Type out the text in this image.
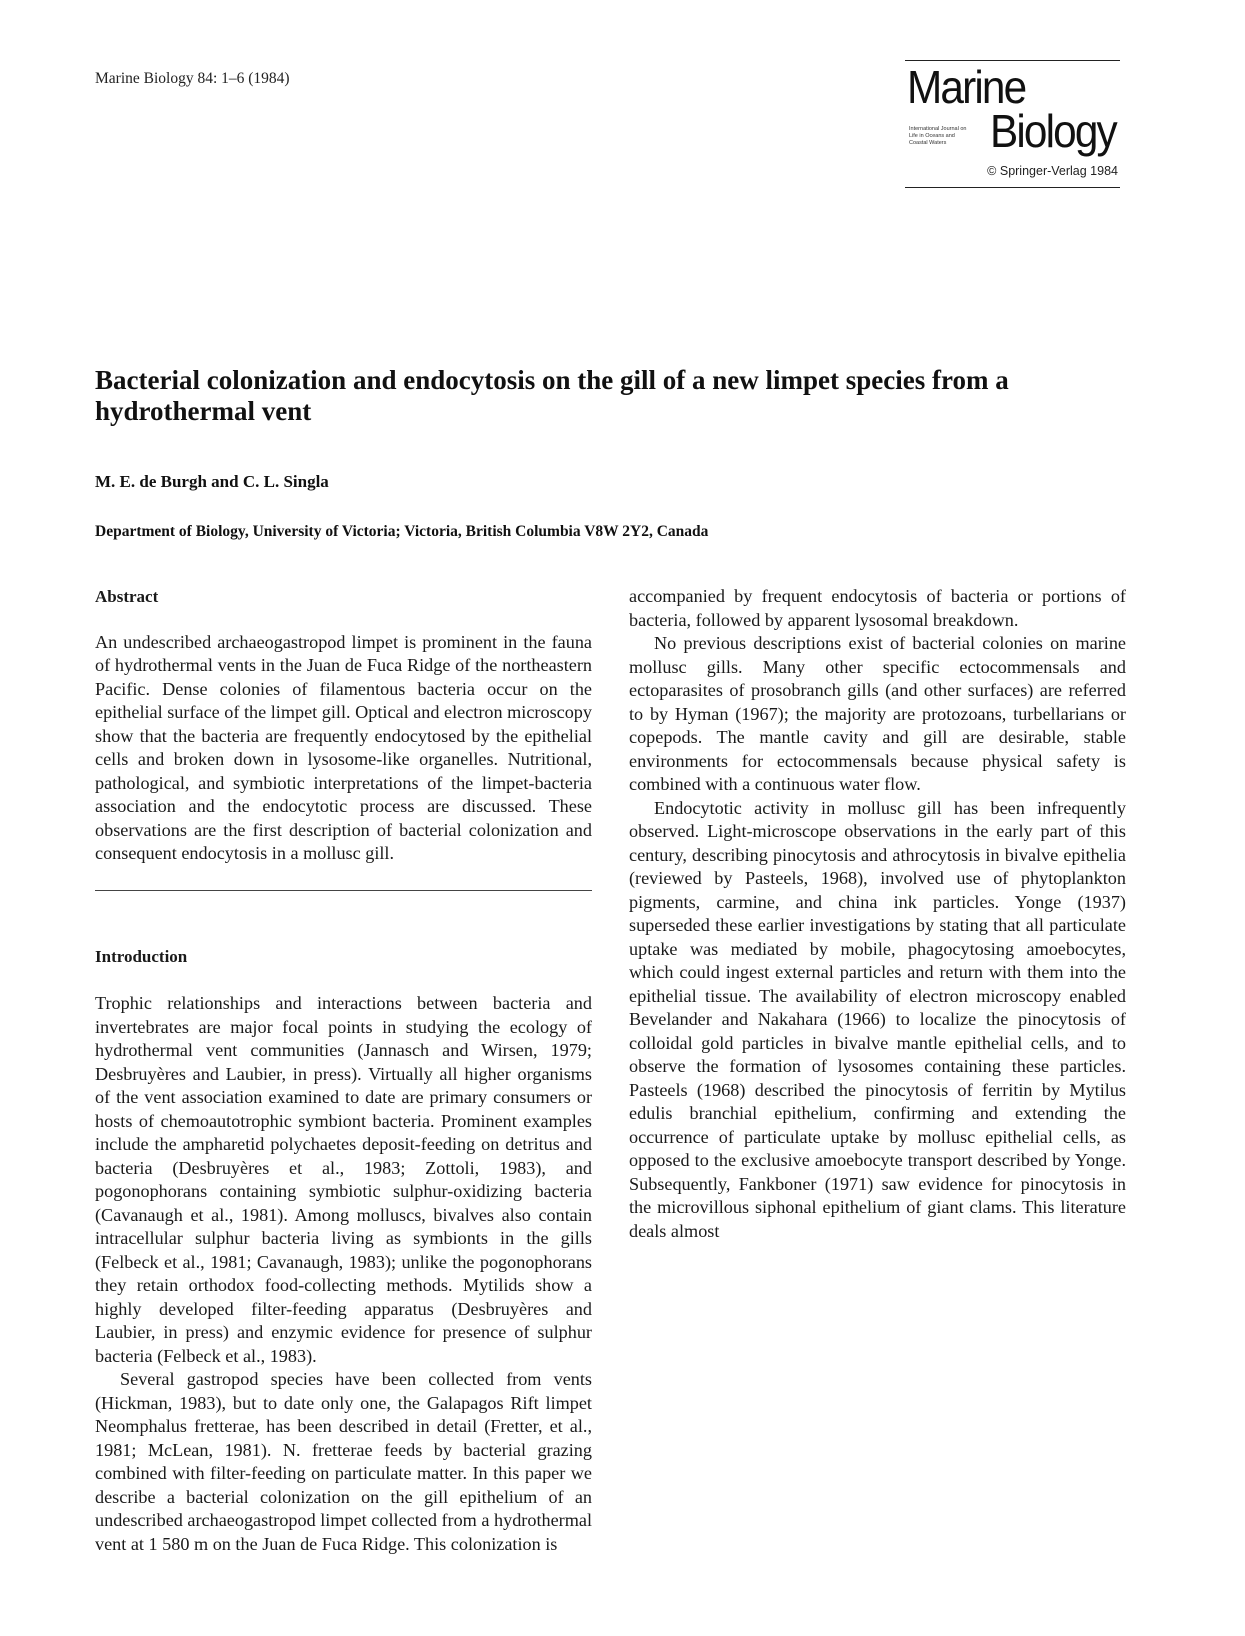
Marine Biology 84: 1–6 (1984)	Marine
International Journal on Life in Oceans and Coastal Waters Biology
© Springer-Verlag 1984
Bacterial colonization and endocytosis on the gill of a new limpet species from a hydrothermal vent
M. E. de Burgh and C. L. Singla
Department of Biology, University of Victoria; Victoria, British Columbia V8W 2Y2, Canada
Abstract

An undescribed archaeogastropod limpet is prominent in the fauna of hydrothermal vents in the Juan de Fuca Ridge of the northeastern Pacific. Dense colonies of filamentous bacteria occur on the epithelial surface of the limpet gill. Optical and electron microscopy show that the bacteria are frequently endocytosed by the epithelial cells and broken down in lysosome-like organelles. Nutritional, pathological, and symbiotic interpretations of the limpet-bacteria association and the endocytotic process are discussed. These observations are the first description of bacterial colonization and consequent endocytosis in a mollusc gill.

Introduction

Trophic relationships and interactions between bacteria and invertebrates are major focal points in studying the ecology of hydrothermal vent communities (Jannasch and Wirsen, 1979; Desbruyères and Laubier, in press). Virtually all higher organisms of the vent association examined to date are primary consumers or hosts of chemoautotrophic symbiont bacteria. Prominent examples include the ampharetid polychaetes deposit-feeding on detritus and bacteria (Desbruyères et al., 1983; Zottoli, 1983), and pogonophorans containing symbiotic sulphur-oxidizing bacteria (Cavanaugh et al., 1981). Among molluscs, bivalves also contain intracellular sulphur bacteria living as symbionts in the gills (Felbeck et al., 1981; Cavanaugh, 1983); unlike the pogonophorans they retain orthodox food-collecting methods. Mytilids show a highly developed filter-feeding apparatus (Desbruyères and Laubier, in press) and enzymic evidence for presence of sulphur bacteria (Felbeck et al., 1983).

Several gastropod species have been collected from vents (Hickman, 1983), but to date only one, the Galapagos Rift limpet Neomphalus fretterae, has been described in detail (Fretter, et al., 1981; McLean, 1981). N. fretterae feeds by bacterial grazing combined with filter-feeding on particulate matter. In this paper we describe a bacterial colonization on the gill epithelium of an undescribed archaeogastropod limpet collected from a hydrothermal vent at 1 580 m on the Juan de Fuca Ridge. This colonization is

accompanied by frequent endocytosis of bacteria or portions of bacteria, followed by apparent lysosomal breakdown.

No previous descriptions exist of bacterial colonies on marine mollusc gills. Many other specific ectocommensals and ectoparasites of prosobranch gills (and other surfaces) are referred to by Hyman (1967); the majority are protozoans, turbellarians or copepods. The mantle cavity and gill are desirable, stable environments for ectocommensals because physical safety is combined with a continuous water flow.

Endocytotic activity in mollusc gill has been infrequently observed. Light-microscope observations in the early part of this century, describing pinocytosis and athrocytosis in bivalve epithelia (reviewed by Pasteels, 1968), involved use of phytoplankton pigments, carmine, and china ink particles. Yonge (1937) superseded these earlier investigations by stating that all particulate uptake was mediated by mobile, phagocytosing amoebocytes, which could ingest external particles and return with them into the epithelial tissue. The availability of electron microscopy enabled Bevelander and Nakahara (1966) to localize the pinocytosis of colloidal gold particles in bivalve mantle epithelial cells, and to observe the formation of lysosomes containing these particles. Pasteels (1968) described the pinocytosis of ferritin by Mytilus edulis branchial epithelium, confirming and extending the occurrence of particulate uptake by mollusc epithelial cells, as opposed to the exclusive amoebocyte transport described by Yonge. Subsequently, Fankboner (1971) saw evidence for pinocytosis in the microvillous siphonal epithelium of giant clams. This literature deals almost
